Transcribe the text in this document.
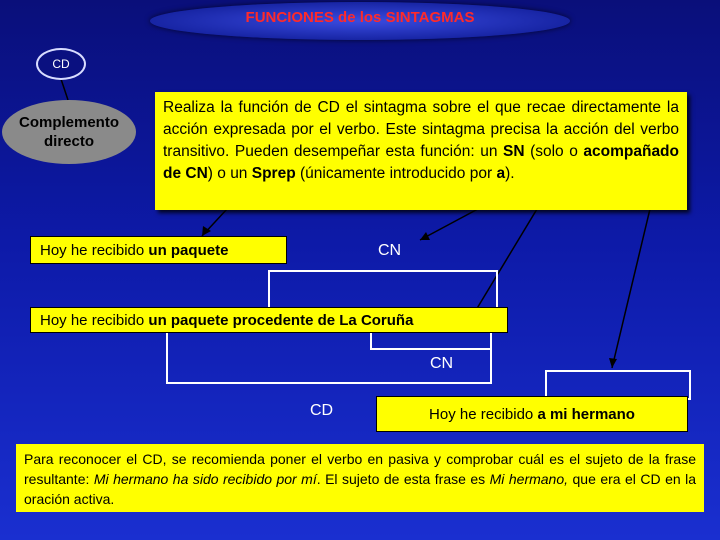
FUNCIONES de los SINTAGMAS
CD
Complemento
directo
Realiza la función de CD el sintagma sobre el que recae directamente la acción expresada por el verbo. Este sintagma precisa la acción del verbo transitivo. Pueden desempeñar esta función: un SN (solo o acompañado de CN) o un Sprep (únicamente introducido por a).
Hoy he recibido un paquete	CN
Hoy he recibido un paquete procedente de La Coruña
CN
CD	Hoy he recibido a mi hermano
Para reconocer el CD, se recomienda poner el verbo en pasiva y comprobar cuál es el sujeto de la frase resultante: Mi hermano ha sido recibido por mí. El sujeto de esta frase es Mi hermano, que era el CD en la oración activa.
